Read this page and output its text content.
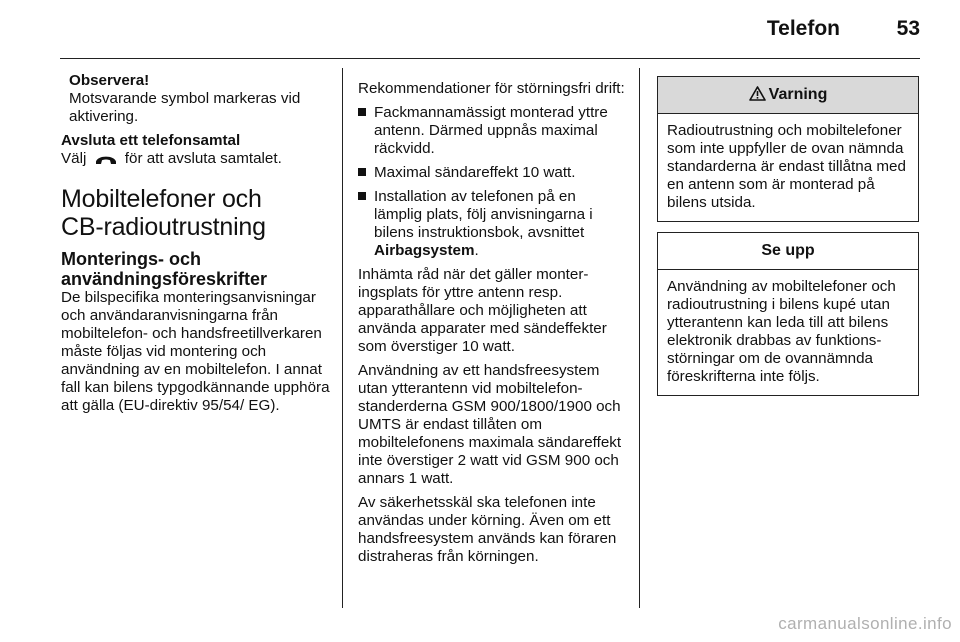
Telefon	53
Observera!
Motsvarande symbol markeras vid aktivering.
Avsluta ett telefonsamtal

Välj	för att avsluta samtalet.

Mobiltelefoner och
CB-radioutrustning
Monterings- och
användningsföreskrifter

De bilspecifika monteringsanvisningar och användaranvisningarna från mobiltelefon- och handsfreetillverkaren måste följas vid montering och användning av en mobiltelefon. I annat fall kan bilens typgodkännande upphöra att gälla (EU-direktiv 95/54/ EG).

Rekommendationer för störningsfri drift:

Fackmannamässigt monterad yttre antenn. Därmed uppnås maximal räckvidd.
Maximal sändareffekt 10 watt.
Installation av telefonen på en lämplig plats, följ anvisningarna i bilens instruktionsbok, avsnittet
Airbagsystem.

Inhämta råd när det gäller monteringsplats för yttre antenn resp. apparathållare och möjligheten att använda apparater med sändeffekter som överstiger 10 watt.

Användning av ett handsfreesystem utan ytterantenn vid mobiltelefonstanderderna GSM 900/1800/1900 och UMTS är endast tillåten om mobiltelefonens maximala sändareffekt inte överstiger 2 watt vid GSM 900 och annars 1 watt.

Av säkerhetsskäl ska telefonen inte användas under körning. Även om ett handsfreesystem används kan föraren distraheras från körningen.

Varning
Radioutrustning och mobiltelefoner som inte uppfyller de ovan nämnda standarderna är endast tillåtna med en antenn som är monterad på bilens utsida.
Se upp
Användning av mobiltelefoner och radioutrustning i bilens kupé utan ytterantenn kan leda till att bilens elektronik drabbas av funktionsstörningar om de ovannämnda föreskrifterna inte följs.
carmanualsonline.info
